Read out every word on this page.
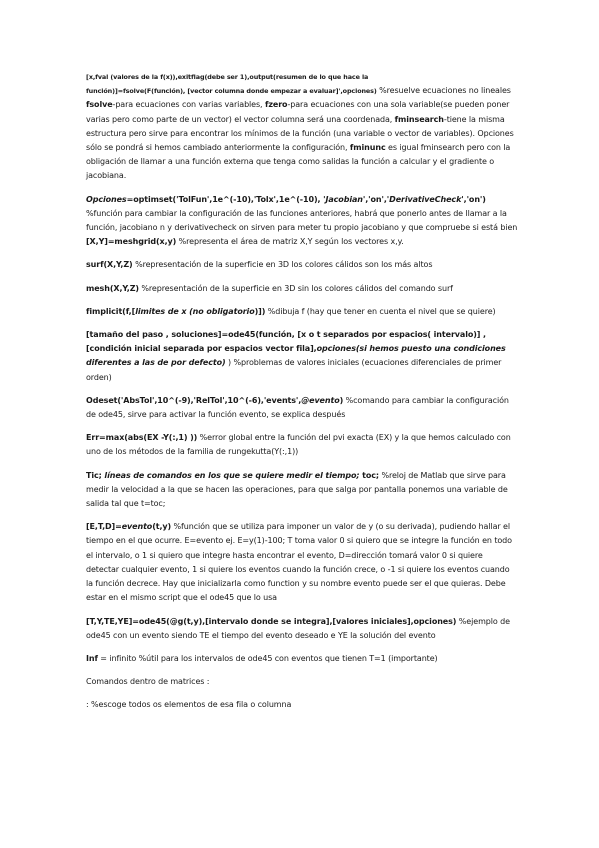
[x,fval (valores de la f(x)),exitflag(debe ser 1),output(resumen de lo que hace la
función)]=fsolve(F(función), [vector columna donde empezar a evaluar]',opciones) %resuelve ecuaciones no lineales fsolve-para ecuaciones con varias variables, fzero-para ecuaciones con una sola variable(se pueden poner varias pero como parte de un vector) el vector columna será una coordenada, fminsearch-tiene la misma estructura pero sirve para encontrar los mínimos de la función (una variable o vector de variables). Opciones sólo se pondrá si hemos cambiado anteriormente la configuración, fminunc es igual fminsearch pero con la obligación de llamar a una función externa que tenga como salidas la función a calcular y el gradiente o jacobiana.

Opciones=optimset('TolFun',1e^(-10),'Tolx',1e^(-10), 'Jacobian','on','DerivativeCheck','on') %función para cambiar la configuración de las funciones anteriores, habrá que ponerlo antes de llamar a la función, jacobiano n y derivativecheck on sirven para meter tu propio jacobiano y que compruebe si está bien

[X,Y]=meshgrid(x,y) %representa el área de matriz X,Y según los vectores x,y.

surf(X,Y,Z) %representación de la superficie en 3D los colores cálidos son los más altos

mesh(X,Y,Z) %representación de la superficie en 3D sin los colores cálidos del comando surf

fimplicit(f,[limites de x (no obligatorio)]) %dibuja f (hay que tener en cuenta el nivel que se quiere)

[tamaño del paso , soluciones]=ode45(función, [x o t separados por espacios( intervalo)] , [condición inicial separada por espacios vector fila],opciones(si hemos puesto una condiciones diferentes a las de por defecto) ) %problemas de valores iniciales (ecuaciones diferenciales de primer orden)

Odeset('AbsTol',10^(-9),'RelTol',10^(-6),'events',@evento) %comando para cambiar la configuración de ode45, sirve para activar la función evento, se explica después

Err=max(abs(EX -Y(:,1) )) %error global entre la función del pvi exacta (EX) y la que hemos calculado con uno de los métodos de la familia de rungekutta(Y(:,1))

Tic; líneas de comandos en los que se quiere medir el tiempo; toc; %reloj de Matlab que sirve para medir la velocidad a la que se hacen las operaciones, para que salga por pantalla ponemos una variable de salida tal que t=toc;

[E,T,D]=evento(t,y) %función que se utiliza para imponer un valor de y (o su derivada), pudiendo hallar el tiempo en el que ocurre. E=evento ej. E=y(1)-100; T toma valor 0 si quiero que se integre la función en todo el intervalo, o 1 si quiero que integre hasta encontrar el evento, D=dirección tomará valor 0 si quiere detectar cualquier evento, 1 si quiere los eventos cuando la función crece, o -1 si quiere los eventos cuando la función decrece. Hay que inicializarla como function y su nombre evento puede ser el que quieras. Debe estar en el mismo script que el ode45 que lo usa

[T,Y,TE,YE]=ode45(@g(t,y),[intervalo donde se integra],[valores iniciales],opciones) %ejemplo de ode45 con un evento siendo TE el tiempo del evento deseado e YE la solución del evento

Inf = infinito %útil para los intervalos de ode45 con eventos que tienen T=1 (importante)

Comandos dentro de matrices :

: %escoge todos os elementos de esa fila o columna
